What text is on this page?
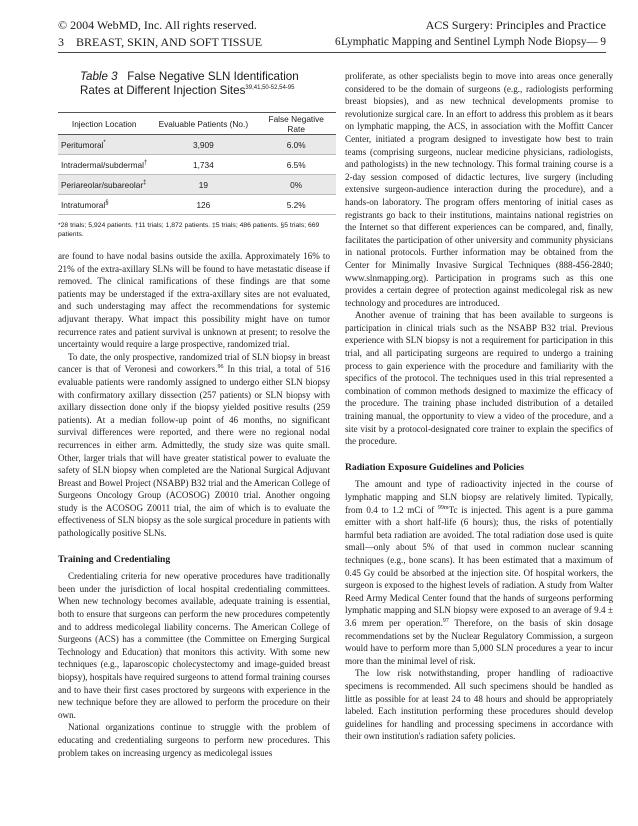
© 2004 WebMD, Inc. All rights reserved.
3 BREAST, SKIN, AND SOFT TISSUE
ACS Surgery: Principles and Practice
6 Lymphatic Mapping and Sentinel Lymph Node Biopsy— 9
Table 3 False Negative SLN Identification
Rates at Different Injection Sites$^{39,41,50-52,54-95}$
Injection Location	Evaluable Patients (No.)	False Negative Rate
Peritumoral*	3,909	6.0%
Intradermal/subdermal†	1,734	6.5%
Periareolar/subareolar‡	19	0%
Intratumoral§	126	5.2%
*28 trials; 5,924 patients. †11 trials; 1,872 patients. ‡5 trials; 486 patients. §5 trials; 669 patients.

are found to have nodal basins outside the axilla. Approximately 16% to 21% of the extra-axillary SLNs will be found to have metastatic disease if removed. The clinical ramifications of these findings are that some patients may be understaged if the extra-axillary sites are not evaluated, and such understaging may affect the recommendations for systemic adjuvant therapy. What impact this possibility might have on tumor recurrence rates and patient survival is unknown at present; to resolve the uncertainty would require a large prospective, randomized trial.

To date, the only prospective, randomized trial of SLN biopsy in breast cancer is that of Veronesi and coworkers.$^{96}$ In this trial, a total of 516 evaluable patients were randomly assigned to undergo either SLN biopsy with confirmatory axillary dissection (257 patients) or SLN biopsy with axillary dissection done only if the biopsy yielded positive results (259 patients). At a median follow-up point of 46 months, no significant survival differences were reported, and there were no regional nodal recurrences in either arm. Admittedly, the study size was quite small. Other, larger trials that will have greater statistical power to evaluate the safety of SLN biopsy when completed are the National Surgical Adjuvant Breast and Bowel Project (NSABP) B32 trial and the American College of Surgeons Oncology Group (ACOSOG) Z0010 trial. Another ongoing study is the ACOSOG Z0011 trial, the aim of which is to evaluate the effectiveness of SLN biopsy as the sole surgical procedure in patients with pathologically positive SLNs.

Training and Credentialing

Credentialing criteria for new operative procedures have traditionally been under the jurisdiction of local hospital credentialing committees. When new technology becomes available, adequate training is essential, both to ensure that surgeons can perform the new procedures competently and to address medicolegal liability concerns. The American College of Surgeons (ACS) has a committee (the Committee on Emerging Surgical Technology and Education) that monitors this activity. With some new techniques (e.g., laparoscopic cholecystectomy and image-guided breast biopsy), hospitals have required surgeons to attend formal training courses and to have their first cases proctored by surgeons with experience in the new technique before they are allowed to perform the procedure on their own.

National organizations continue to struggle with the problem of educating and credentialing surgeons to perform new procedures. This problem takes on increasing urgency as medicolegal issues

proliferate, as other specialists begin to move into areas once generally considered to be the domain of surgeons (e.g., radiologists performing breast biopsies), and as new technical developments promise to revolutionize surgical care. In an effort to address this problem as it bears on lymphatic mapping, the ACS, in association with the Moffitt Cancer Center, initiated a program designed to investigate how best to train teams (comprising surgeons, nuclear medicine physicians, radiologists, and pathologists) in the new technology. This formal training course is a 2-day session composed of didactic lectures, live surgery (including extensive surgeon-audience interaction during the procedure), and a hands-on laboratory. The program offers mentoring of initial cases as registrants go back to their institutions, maintains national registries on the Internet so that different experiences can be compared, and, finally, facilitates the participation of other university and community physicians in national protocols. Further information may be obtained from the Center for Minimally Invasive Surgical Techniques (888-456-2840; www.slnmapping.org). Participation in programs such as this one provides a certain degree of protection against medicolegal risk as new technology and procedures are introduced.

Another avenue of training that has been available to surgeons is participation in clinical trials such as the NSABP B32 trial. Previous experience with SLN biopsy is not a requirement for participation in this trial, and all participating surgeons are required to undergo a training process to gain experience with the procedure and familiarity with the specifics of the protocol. The techniques used in this trial represented a combination of common methods designed to maximize the efficacy of the procedure. The training phase included distribution of a detailed training manual, the opportunity to view a video of the procedure, and a site visit by a protocol-designated core trainer to explain the specifics of the procedure.

Radiation Exposure Guidelines and Policies

The amount and type of radioactivity injected in the course of lymphatic mapping and SLN biopsy are relatively limited. Typically, from 0.4 to 1.2 mCi of $^{99m}$Tc is injected. This agent is a pure gamma emitter with a short half-life (6 hours); thus, the risks of potentially harmful beta radiation are avoided. The total radiation dose used is quite small—only about 5% of that used in common nuclear scanning techniques (e.g., bone scans). It has been estimated that a maximum of 0.45 Gy could be absorbed at the injection site. Of hospital workers, the surgeon is exposed to the highest levels of radiation. A study from Walter Reed Army Medical Center found that the hands of surgeons performing lymphatic mapping and SLN biopsy were exposed to an average of 9.4 ± 3.6 mrem per operation.$^{97}$ Therefore, on the basis of skin dosage recommendations set by the Nuclear Regulatory Commission, a surgeon would have to perform more than 5,000 SLN procedures a year to incur more than the minimal level of risk.

The low risk notwithstanding, proper handling of radioactive specimens is recommended. All such specimens should be handled as little as possible for at least 24 to 48 hours and should be appropriately labeled. Each institution performing these procedures should develop guidelines for handling and processing specimens in accordance with their own institution's radiation safety policies.
